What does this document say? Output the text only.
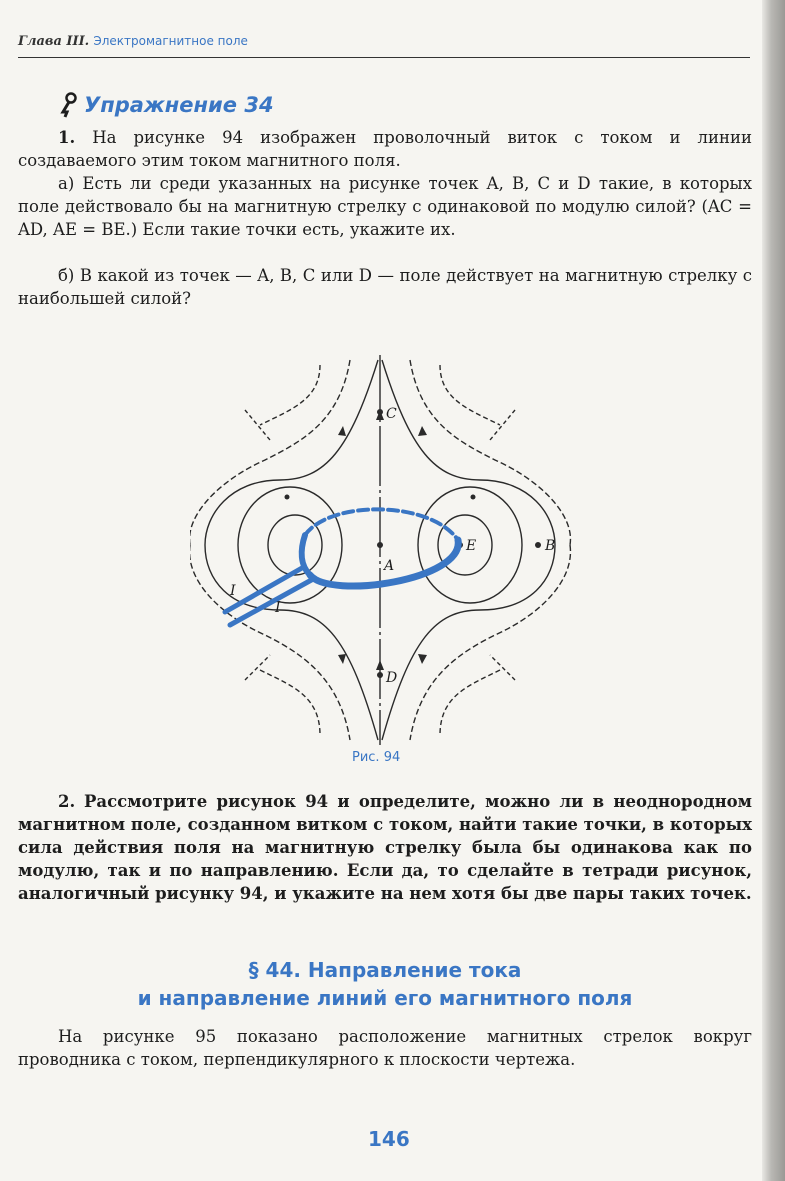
Глава III. Электромагнитное поле
Упражнение 34
1. На рисунке 94 изображен проволочный виток с током и линии создаваемого этим током магнитного поля.
а) Есть ли среди указанных на рисунке точек A, B, C и D такие, в которых поле действовало бы на магнитную стрелку с одинаковой по модулю силой? (AC = AD, AE = BE.) Если такие точки есть, укажите их.
б) В какой из точек — A, B, C или D — поле действует на магнитную стрелку с наибольшей силой?
C
A
E	B
D
I
I
Рис. 94
2. Рассмотрите рисунок 94 и определите, можно ли в неоднородном магнитном поле, созданном витком с током, найти такие точки, в которых сила действия поля на магнитную стрелку была бы одинакова как по модулю, так и по направлению. Если да, то сделайте в тетради рисунок, аналогичный рисунку 94, и укажите на нем хотя бы две пары таких точек.
§ 44. Направление тока
и направление линий его магнитного поля
На рисунке 95 показано расположение магнитных стрелок вокруг проводника с током, перпендикулярного к плоскости чертежа.
146
